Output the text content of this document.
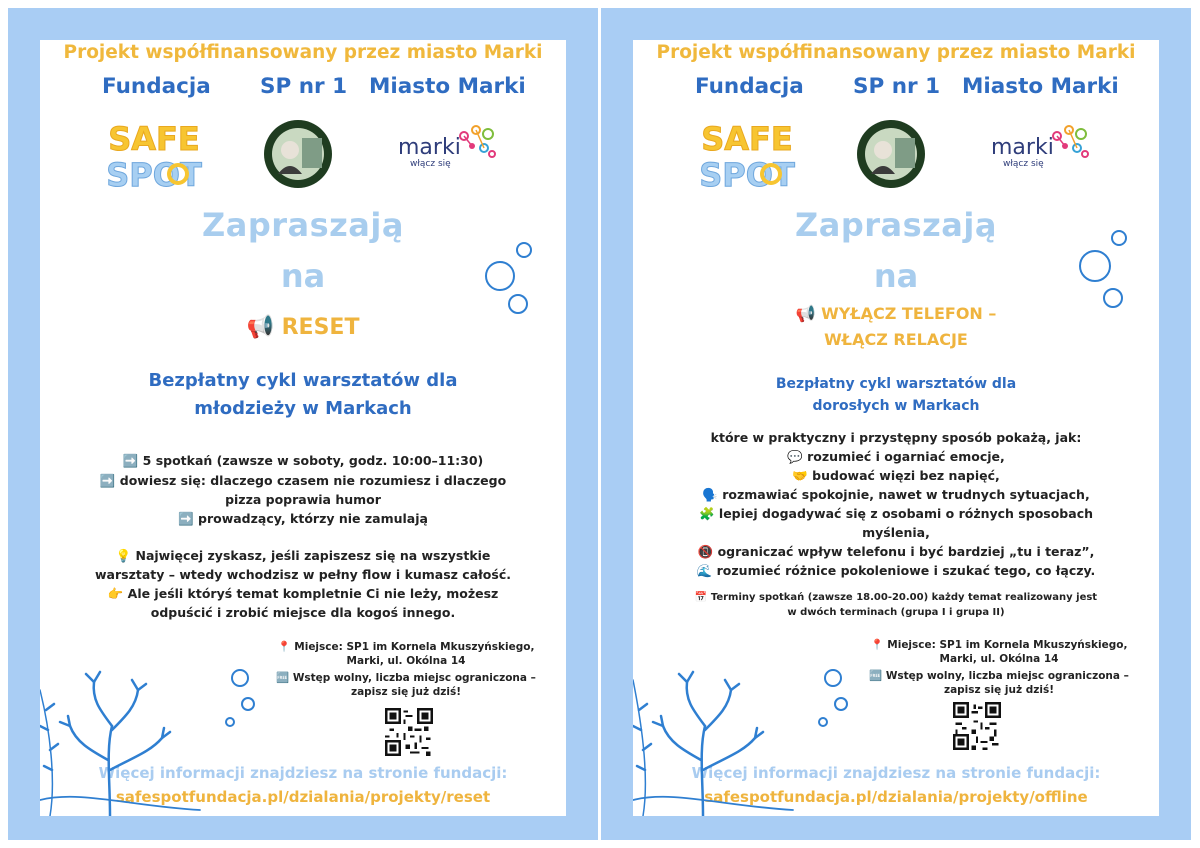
Projekt współfinansowany przez miasto Marki

Fundacja SP nr 1 Miasto Marki
SAFE
SPOT
marki
włącz się

Zapraszają

na

📢 RESET

Bezpłatny cykl warsztatów dla

młodzieży w Markach

➡️ 5 spotkań (zawsze w soboty, godz. 10:00–11:30)

➡️ dowiesz się: dlaczego czasem nie rozumiesz i dlaczego

pizza poprawia humor

➡️ prowadzący, którzy nie zamulają

💡 Najwięcej zyskasz, jeśli zapiszesz się na wszystkie

warsztaty – wtedy wchodzisz w pełny flow i kumasz całość.

👉 Ale jeśli któryś temat kompletnie Ci nie leży, możesz

odpuścić i zrobić miejsce dla kogoś innego.

📍 Miejsce: SP1 im Kornela Mkuszyńskiego,

Marki, ul. Okólna 14

🆓 Wstęp wolny, liczba miejsc ograniczona –

zapisz się już dziś!

Więcej informacji znajdziesz na stronie fundacji:

safespotfundacja.pl/dzialania/projekty/reset

Projekt współfinansowany przez miasto Marki

Fundacja SP nr 1 Miasto Marki
SAFE
SPOT
marki
włącz się

Zapraszają

na

📢 WYŁĄCZ TELEFON –

WŁĄCZ RELACJE

Bezpłatny cykl warsztatów dla

dorosłych w Markach

które w praktyczny i przystępny sposób pokażą, jak:

💬 rozumieć i ogarniać emocje,

🤝 budować więzi bez napięć,

🗣️ rozmawiać spokojnie, nawet w trudnych sytuacjach,

🧩 lepiej dogadywać się z osobami o różnych sposobach

myślenia,

📵 ograniczać wpływ telefonu i być bardziej „tu i teraz”,

🌊 rozumieć różnice pokoleniowe i szukać tego, co łączy.

📅 Terminy spotkań (zawsze 18.00-20.00) każdy temat realizowany jest

w dwóch terminach (grupa I i grupa II)

📍 Miejsce: SP1 im Kornela Mkuszyńskiego,

Marki, ul. Okólna 14

🆓 Wstęp wolny, liczba miejsc ograniczona –

zapisz się już dziś!

Więcej informacji znajdziesz na stronie fundacji:

safespotfundacja.pl/dzialania/projekty/offline
